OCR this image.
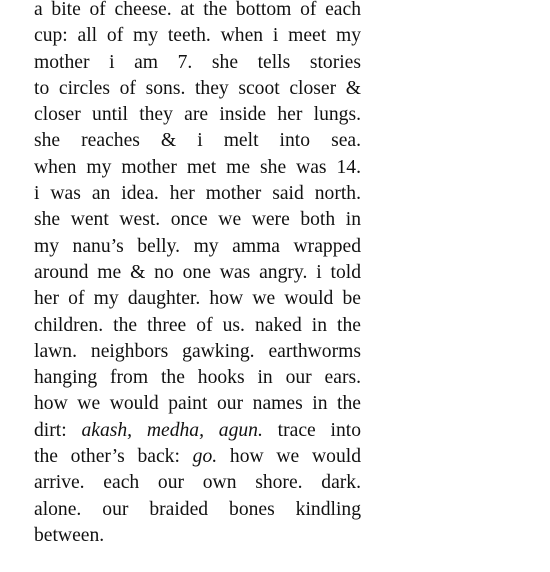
a bite of cheese. at the bottom of each
cup: all of my teeth. when i meet my
mother i am 7. she tells stories
to circles of sons. they scoot closer &
closer until they are inside her lungs.
she reaches & i melt into sea.
when my mother met me she was 14.
i was an idea. her mother said north.
she went west. once we were both in
my nanu’s belly. my amma wrapped
around me & no one was angry. i told
her of my daughter. how we would be
children. the three of us. naked in the
lawn. neighbors gawking. earthworms
hanging from the hooks in our ears.
how we would paint our names in the
dirt: akash, medha, agun. trace into
the other’s back: go. how we would
arrive. each our own shore. dark.
alone. our braided bones kindling
between.
